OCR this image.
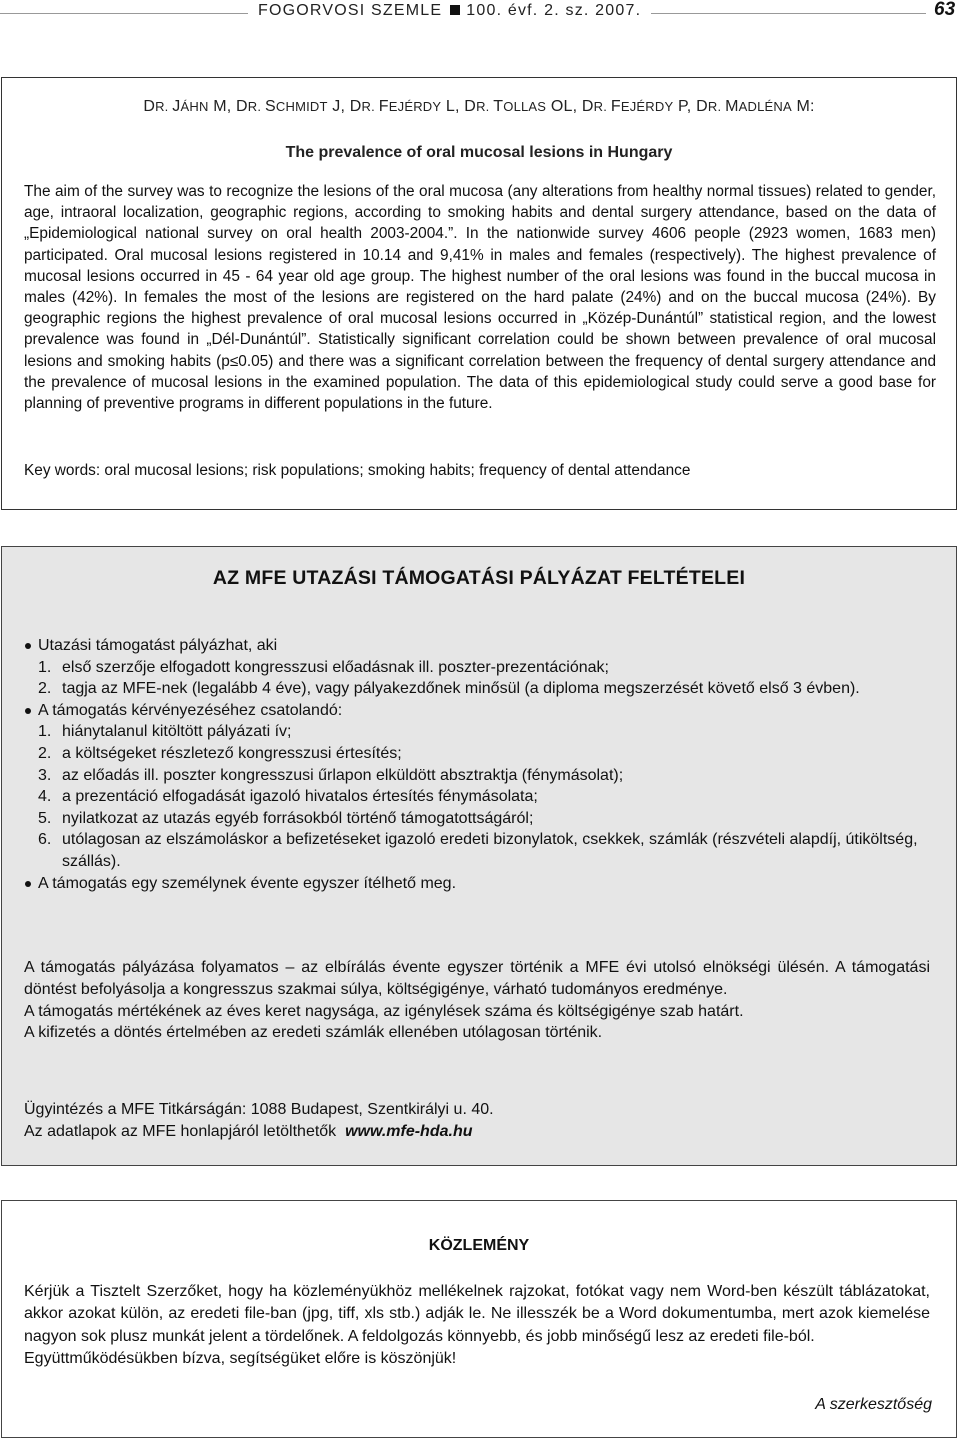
FOGORVOSI SZEMLE 100. évf. 2. sz. 2007.	63
DR. JÁHN M, DR. SCHMIDT J, DR. FEJÉRDY L, DR. TOLLAS OL, DR. FEJÉRDY P, DR. MADLÉNA M:
The prevalence of oral mucosal lesions in Hungary
The aim of the survey was to recognize the lesions of the oral mucosa (any alterations from healthy normal tissues) related to gender, age, intraoral localization, geographic regions, according to smoking habits and dental surgery attendance, based on the data of „Epidemiological national survey on oral health 2003-2004.”. In the nationwide survey 4606 people (2923 women, 1683 men) participated. Oral mucosal lesions registered in 10.14 and 9,41% in males and females (respectively). The highest prevalence of mucosal lesions occurred in 45 - 64 year old age group. The highest number of the oral lesions was found in the buccal mucosa in males (42%). In females the most of the lesions are registered on the hard palate (24%) and on the buccal mucosa (24%). By geographic regions the highest prevalence of oral mucosal lesions occurred in „Közép-Dunántúl” statistical region, and the lowest prevalence was found in „Dél-Dunántúl”. Statistically significant correlation could be shown between prevalence of oral mucosal lesions and smoking habits (p≤0.05) and there was a significant correlation between the frequency of dental surgery attendance and the prevalence of mucosal lesions in the examined population. The data of this epidemiological study could serve a good base for planning of preventive programs in different populations in the future.
Key words: oral mucosal lesions; risk populations; smoking habits; frequency of dental attendance
AZ MFE UTAZÁSI TÁMOGATÁSI PÁLYÁZAT FELTÉTELEI
Utazási támogatást pályázhat, aki
1. első szerzője elfogadott kongresszusi előadásnak ill. poszter-prezentációnak;
2. tagja az MFE-nek (legalább 4 éve), vagy pályakezdőnek minősül (a diploma megszerzését követő első 3 évben).
A támogatás kérvényezéséhez csatolandó:
1. hiánytalanul kitöltött pályázati ív;
2. a költségeket részletező kongresszusi értesítés;
3. az előadás ill. poszter kongresszusi űrlapon elküldött absztraktja (fénymásolat);
4. a prezentáció elfogadását igazoló hivatalos értesítés fénymásolata;
5. nyilatkozat az utazás egyéb forrásokból történő támogatottságáról;
6. utólagosan az elszámoláskor a befizetéseket igazoló eredeti bizonylatok, csekkek, számlák (részvételi alapdíj, útiköltség, szállás).
A támogatás egy személynek évente egyszer ítélhető meg.

A támogatás pályázása folyamatos – az elbírálás évente egyszer történik a MFE évi utolsó elnökségi ülésén. A támogatási döntést befolyásolja a kongresszus szakmai súlya, költségigénye, várható tudományos eredménye.

A támogatás mértékének az éves keret nagysága, az igénylések száma és költségigénye szab határt.

A kifizetés a döntés értelmében az eredeti számlák ellenében utólagosan történik.

Ügyintézés a MFE Titkárságán: 1088 Budapest, Szentkirályi u. 40.
Az adatlapok az MFE honlapjáról letölthetők www.mfe-hda.hu
KÖZLEMÉNY

Kérjük a Tisztelt Szerzőket, hogy ha közleményükhöz mellékelnek rajzokat, fotókat vagy nem Word-ben készült táblázatokat, akkor azokat külön, az eredeti file-ban (jpg, tiff, xls stb.) adják le. Ne illesszék be a Word dokumentumba, mert azok kiemelése nagyon sok plusz munkát jelent a tördelőnek. A feldolgozás könnyebb, és jobb minőségű lesz az eredeti file-ból.

Együttműködésükben bízva, segítségüket előre is köszönjük!

A szerkesztőség
